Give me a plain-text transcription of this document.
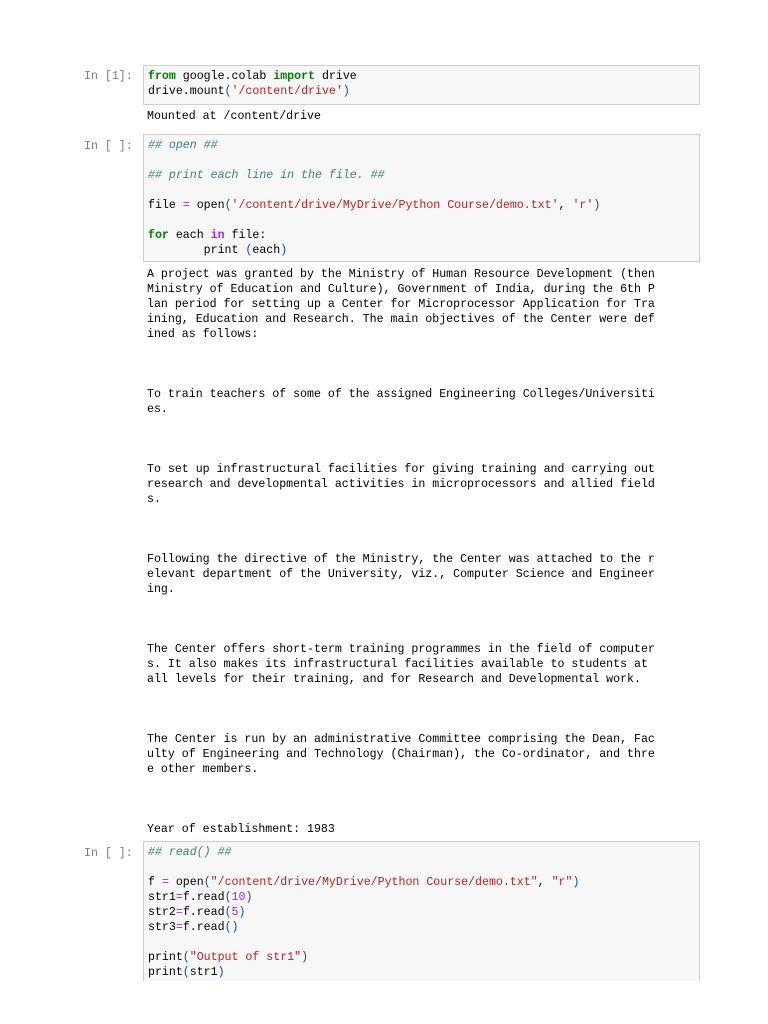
In [1]:	from google.colab import drive
drive.mount('/content/drive')
Mounted at /content/drive
In [ ]:	## open ##

## print each line in the file. ##

file = open('/content/drive/MyDrive/Python Course/demo.txt', 'r')

for each in file:
print (each)
A project was granted by the Ministry of Human Resource Development (then
Ministry of Education and Culture), Government of India, during the 6th P
lan period for setting up a Center for Microprocessor Application for Tra
ining, Education and Research. The main objectives of the Center were def
ined as follows:
To train teachers of some of the assigned Engineering Colleges/Universiti
es.
To set up infrastructural facilities for giving training and carrying out
research and developmental activities in microprocessors and allied field
s.
Following the directive of the Ministry, the Center was attached to the r
elevant department of the University, viz., Computer Science and Engineer
ing.
The Center offers short-term training programmes in the field of computer
s. It also makes its infrastructural facilities available to students at
all levels for their training, and for Research and Developmental work.
The Center is run by an administrative Committee comprising the Dean, Fac
ulty of Engineering and Technology (Chairman), the Co-ordinator, and thre
e other members.
Year of establishment: 1983
In [ ]:	## read() ##

f = open("/content/drive/MyDrive/Python Course/demo.txt", "r")
str1=f.read(10)
str2=f.read(5)
str3=f.read()

print("Output of str1")
print(str1)
